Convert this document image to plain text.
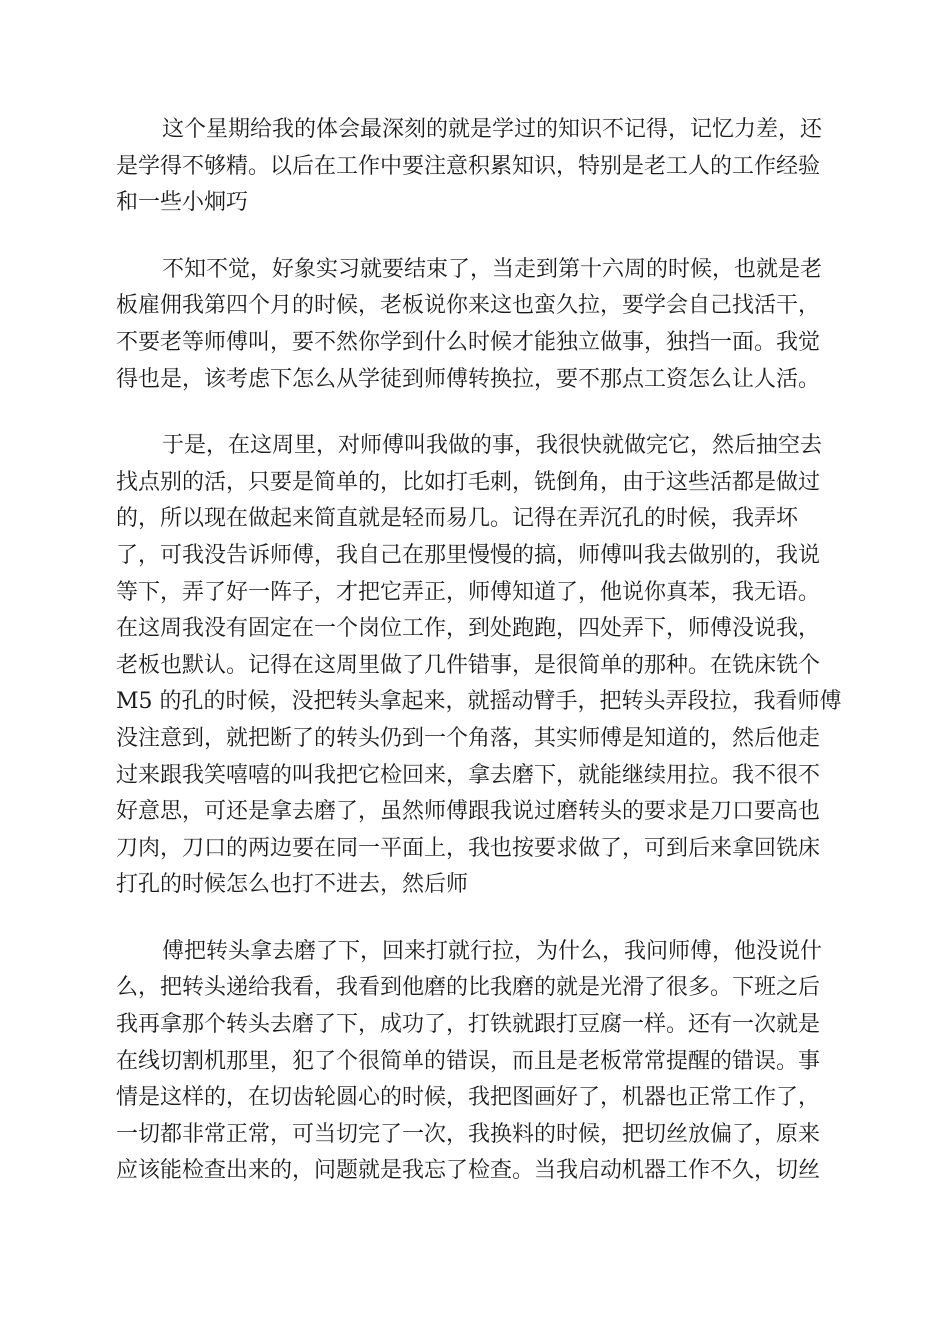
这个星期给我的体会最深刻的就是学过的知识不记得，记忆力差，还
是学得不够精。以后在工作中要注意积累知识，特别是老工人的工作经验
和一些小炯巧

不知不觉，好象实习就要结束了，当走到第十六周的时候，也就是老
板雇佣我第四个月的时候，老板说你来这也蛮久拉，要学会自己找活干，
不要老等师傅叫，要不然你学到什么时候才能独立做事，独挡一面。我觉
得也是，该考虑下怎么从学徒到师傅转换拉，要不那点工资怎么让人活。

于是，在这周里，对师傅叫我做的事，我很快就做完它，然后抽空去
找点别的活，只要是简单的，比如打毛刺，铣倒角，由于这些活都是做过
的，所以现在做起来简直就是轻而易几。记得在弄沉孔的时候，我弄坏
了，可我没告诉师傅，我自己在那里慢慢的搞，师傅叫我去做别的，我说
等下，弄了好一阵子，才把它弄正，师傅知道了，他说你真苯，我无语。
在这周我没有固定在一个岗位工作，到处跑跑，四处弄下，师傅没说我，
老板也默认。记得在这周里做了几件错事，是很简单的那种。在铣床铣个
M5 的孔的时候，没把转头拿起来，就摇动臂手，把转头弄段拉，我看师傅
没注意到，就把断了的转头仍到一个角落，其实师傅是知道的，然后他走
过来跟我笑嘻嘻的叫我把它检回来，拿去磨下，就能继续用拉。我不很不
好意思，可还是拿去磨了，虽然师傅跟我说过磨转头的要求是刀口要高也
刀肉，刀口的两边要在同一平面上，我也按要求做了，可到后来拿回铣床
打孔的时候怎么也打不进去，然后师

傅把转头拿去磨了下，回来打就行拉，为什么，我问师傅，他没说什
么，把转头递给我看，我看到他磨的比我磨的就是光滑了很多。下班之后
我再拿那个转头去磨了下，成功了，打铁就跟打豆腐一样。还有一次就是
在线切割机那里，犯了个很简单的错误，而且是老板常常提醒的错误。事
情是这样的，在切齿轮圆心的时候，我把图画好了，机器也正常工作了，
一切都非常正常，可当切完了一次，我换料的时候，把切丝放偏了，原来
应该能检查出来的，问题就是我忘了检查。当我启动机器工作不久，切丝
